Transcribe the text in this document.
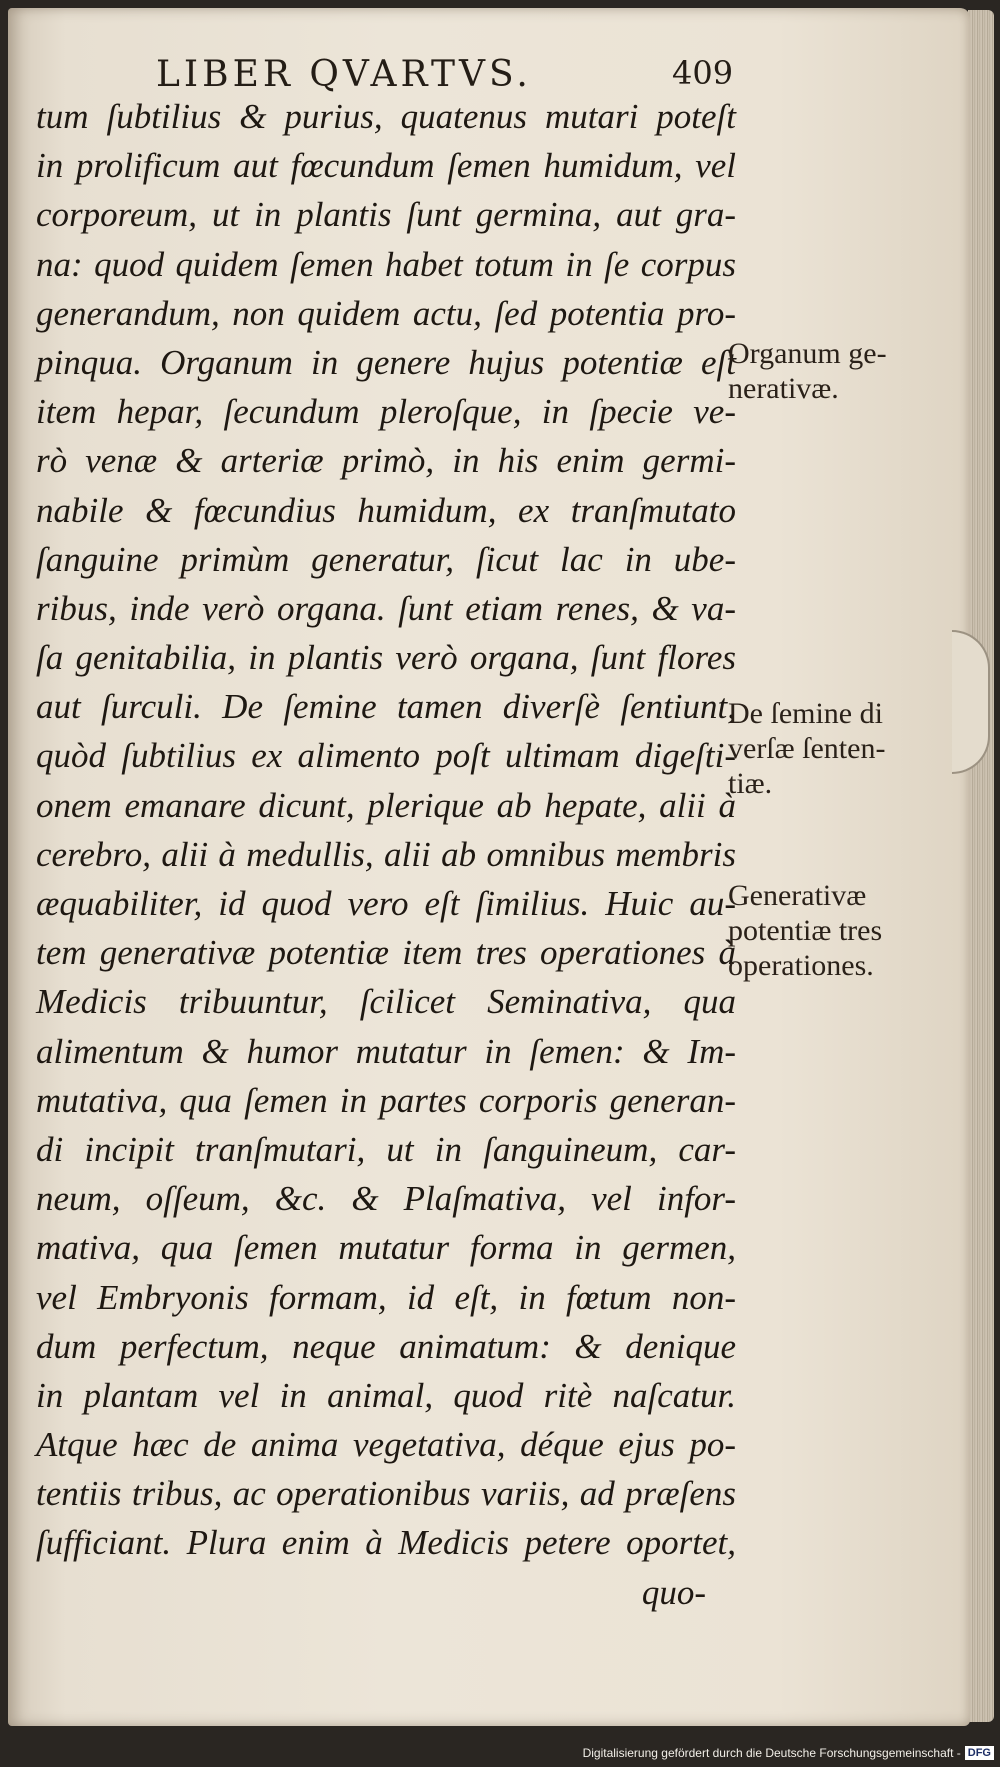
LIBER QVARTVS.	409
tum ſubtilius & purius, quatenus mutari poteſt
in prolificum aut fœcundum ſemen humidum, vel
corporeum, ut in plantis ſunt germina, aut gra-
na: quod quidem ſemen habet totum in ſe corpus
generandum, non quidem actu, ſed potentia pro-
pinqua. Organum in genere hujus potentiæ eſt
item hepar, ſecundum pleroſque, in ſpecie ve-
rò venæ & arteriæ primò, in his enim germi-
nabile & fœcundius humidum, ex tranſmutato
ſanguine primùm generatur, ſicut lac in ube-
ribus, inde verò organa. ſunt etiam renes, & va-
ſa genitabilia, in plantis verò organa, ſunt flores
aut ſurculi. De ſemine tamen diverſè ſentiunt,
quòd ſubtilius ex alimento poſt ultimam digeſti-
onem emanare dicunt, plerique ab hepate, alii à
cerebro, alii à medullis, alii ab omnibus membris
æquabiliter, id quod vero eſt ſimilius. Huic au-
tem generativæ potentiæ item tres operationes à
Medicis tribuuntur, ſcilicet Seminativa, qua
alimentum & humor mutatur in ſemen: & Im-
mutativa, qua ſemen in partes corporis generan-
di incipit tranſmutari, ut in ſanguineum, car-
neum, oſſeum, &c. & Plaſmativa, vel infor-
mativa, qua ſemen mutatur forma in germen,
vel Embryonis formam, id eſt, in fœtum non-
dum perfectum, neque animatum: & denique
in plantam vel in animal, quod ritè naſcatur.
Atque hæc de anima vegetativa, déque ejus po-
tentiis tribus, ac operationibus variis, ad præſens
ſufficiant. Plura enim à Medicis petere oportet,
quo-
Organum ge-
nerativæ.
De ſemine di
verſæ ſenten-
tiæ.
Generativæ
potentiæ tres
operationes.
Digitalisierung gefördert durch die Deutsche Forschungsgemeinschaft - DFG
